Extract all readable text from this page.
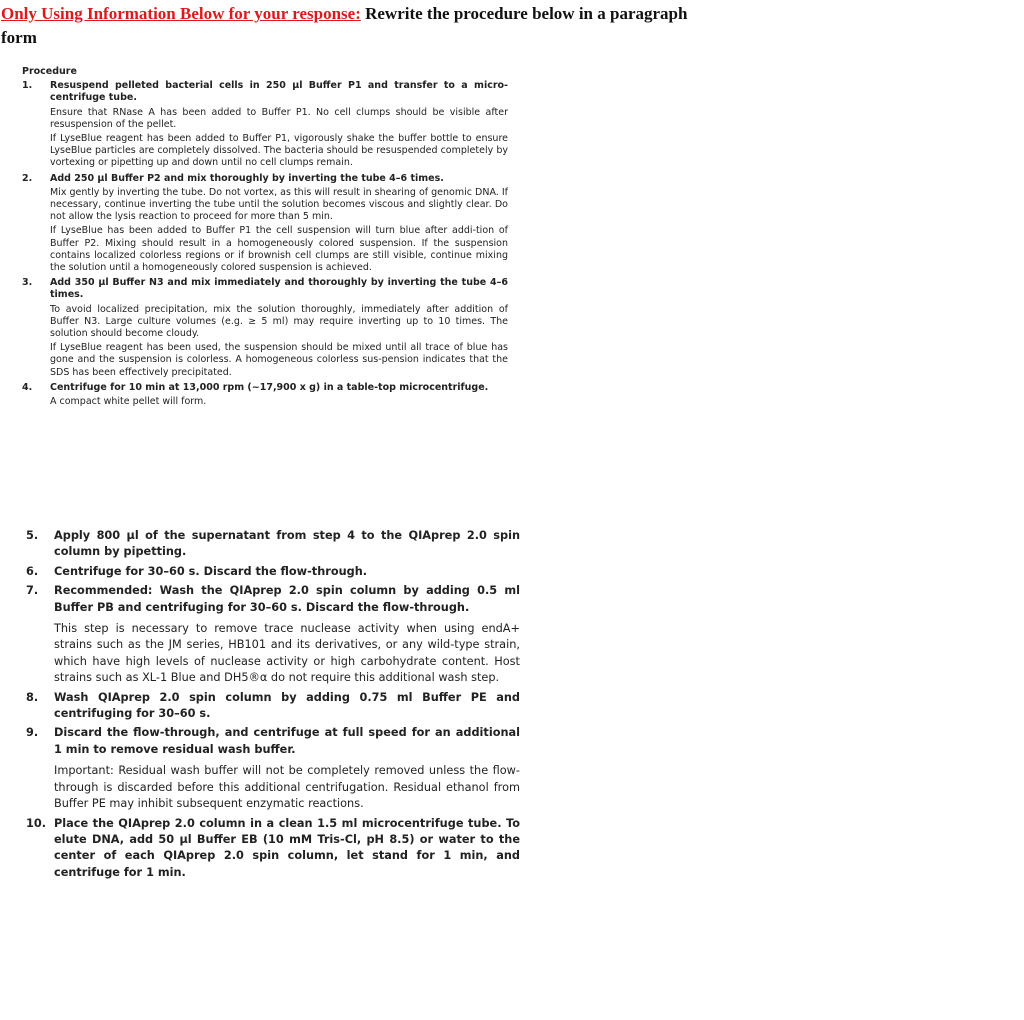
Only Using Information Below for your response: Rewrite the procedure below in a paragraph form
Procedure
1. Resuspend pelleted bacterial cells in 250 µl Buffer P1 and transfer to a micro-centrifuge tube.
Ensure that RNase A has been added to Buffer P1. No cell clumps should be visible after resuspension of the pellet.
If LyseBlue reagent has been added to Buffer P1, vigorously shake the buffer bottle to ensure LyseBlue particles are completely dissolved. The bacteria should be resuspended completely by vortexing or pipetting up and down until no cell clumps remain.
2. Add 250 µl Buffer P2 and mix thoroughly by inverting the tube 4–6 times.
Mix gently by inverting the tube. Do not vortex, as this will result in shearing of genomic DNA. If necessary, continue inverting the tube until the solution becomes viscous and slightly clear. Do not allow the lysis reaction to proceed for more than 5 min.
If LyseBlue has been added to Buffer P1 the cell suspension will turn blue after addi-tion of Buffer P2. Mixing should result in a homogeneously colored suspension. If the suspension contains localized colorless regions or if brownish cell clumps are still visible, continue mixing the solution until a homogeneously colored suspension is achieved.
3. Add 350 µl Buffer N3 and mix immediately and thoroughly by inverting the tube 4–6 times.
To avoid localized precipitation, mix the solution thoroughly, immediately after addition of Buffer N3. Large culture volumes (e.g. ≥ 5 ml) may require inverting up to 10 times. The solution should become cloudy.
If LyseBlue reagent has been used, the suspension should be mixed until all trace of blue has gone and the suspension is colorless. A homogeneous colorless sus-pension indicates that the SDS has been effectively precipitated.
4. Centrifuge for 10 min at 13,000 rpm (~17,900 x g) in a table-top microcentrifuge.
A compact white pellet will form.
5. Apply 800 µl of the supernatant from step 4 to the QIAprep 2.0 spin column by pipetting.
6. Centrifuge for 30–60 s. Discard the flow-through.
7. Recommended: Wash the QIAprep 2.0 spin column by adding 0.5 ml Buffer PB and centrifuging for 30–60 s. Discard the flow-through.
This step is necessary to remove trace nuclease activity when using endA+ strains such as the JM series, HB101 and its derivatives, or any wild-type strain, which have high levels of nuclease activity or high carbohydrate content. Host strains such as XL-1 Blue and DH5®α do not require this additional wash step.
8. Wash QIAprep 2.0 spin column by adding 0.75 ml Buffer PE and centrifuging for 30–60 s.
9. Discard the flow-through, and centrifuge at full speed for an additional 1 min to remove residual wash buffer.
Important: Residual wash buffer will not be completely removed unless the flow-through is discarded before this additional centrifugation. Residual ethanol from Buffer PE may inhibit subsequent enzymatic reactions.
10. Place the QIAprep 2.0 column in a clean 1.5 ml microcentrifuge tube. To elute DNA, add 50 µl Buffer EB (10 mM Tris-Cl, pH 8.5) or water to the center of each QIAprep 2.0 spin column, let stand for 1 min, and centrifuge for 1 min.
